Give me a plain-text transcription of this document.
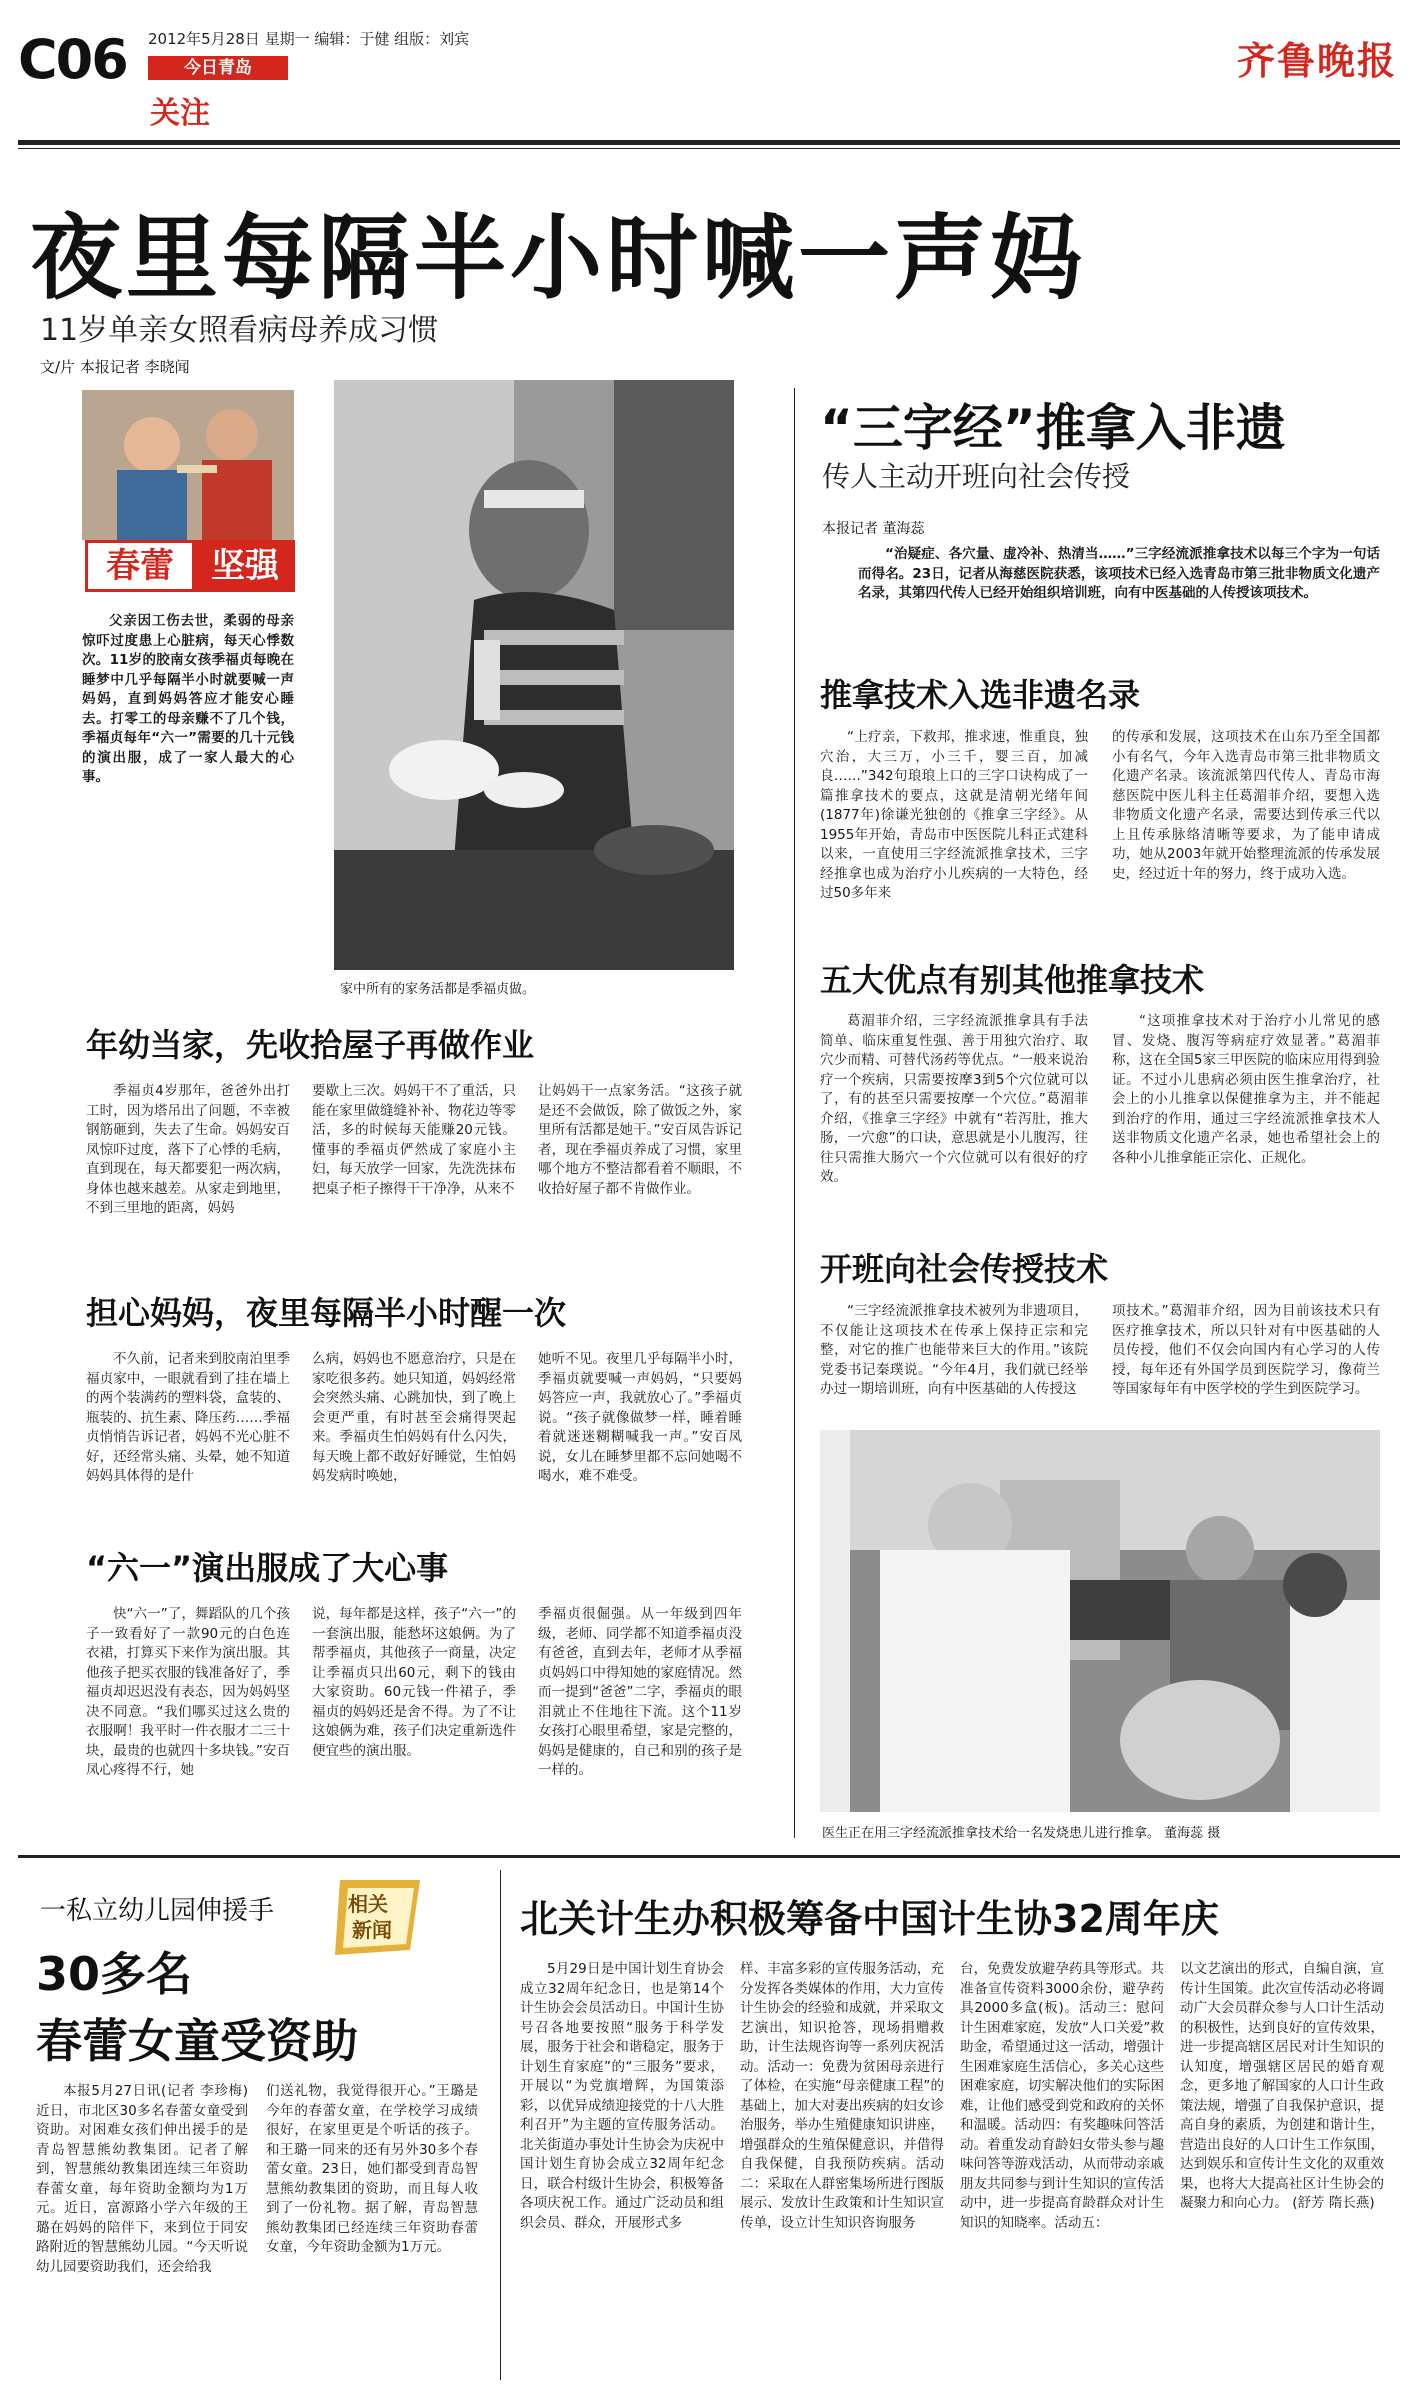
C06 2012年5月28日 星期一 编辑：于健 组版：刘宾
今日青岛
关注
齐鲁晚报
夜里每隔半小时喊一声妈
11岁单亲女照看病母养成习惯
文/片 本报记者 李晓闻
春蕾	坚强
父亲因工伤去世，柔弱的母亲惊吓过度患上心脏病，每天心悸数次。11岁的胶南女孩季福贞每晚在睡梦中几乎每隔半小时就要喊一声妈妈，直到妈妈答应才能安心睡去。打零工的母亲赚不了几个钱，季福贞每年“六一”需要的几十元钱的演出服，成了一家人最大的心事。
家中所有的家务活都是季福贞做。
年幼当家，先收拾屋子再做作业
季福贞4岁那年，爸爸外出打工时，因为塔吊出了问题，不幸被钢筋砸到，失去了生命。妈妈安百凤惊吓过度，落下了心悸的毛病，直到现在，每天都要犯一两次病，身体也越来越差。从家走到地里，不到三里地的距离，妈妈
要歇上三次。妈妈干不了重活，只能在家里做缝缝补补、物花边等零活，多的时候每天能赚20元钱。懂事的季福贞俨然成了家庭小主妇，每天放学一回家，先洗洗抹布把桌子柜子擦得干干净净，从来不
让妈妈干一点家务活。“这孩子就是还不会做饭，除了做饭之外，家里所有活都是她干。”安百凤告诉记者，现在季福贞养成了习惯，家里哪个地方不整洁都看着不顺眼，不收拾好屋子都不肯做作业。
担心妈妈，夜里每隔半小时醒一次
不久前，记者来到胶南泊里季福贞家中，一眼就看到了挂在墙上的两个装满药的塑料袋，盒装的、瓶装的、抗生素、降压药……季福贞悄悄告诉记者，妈妈不光心脏不好，还经常头痛、头晕，她不知道妈妈具体得的是什
么病，妈妈也不愿意治疗，只是在家吃很多药。她只知道，妈妈经常会突然头痛、心跳加快，到了晚上会更严重，有时甚至会痛得哭起来。季福贞生怕妈妈有什么闪失，每天晚上都不敢好好睡觉，生怕妈妈发病时唤她，
她听不见。夜里几乎每隔半小时，季福贞就要喊一声妈妈，“只要妈妈答应一声，我就放心了。”季福贞说。“孩子就像做梦一样，睡着睡着就迷迷糊糊喊我一声。”安百凤说，女儿在睡梦里都不忘问她喝不喝水，难不难受。
“六一”演出服成了大心事
快“六一”了，舞蹈队的几个孩子一致看好了一款90元的白色连衣裙，打算买下来作为演出服。其他孩子把买衣服的钱准备好了，季福贞却迟迟没有表态，因为妈妈坚决不同意。“我们哪买过这么贵的衣服啊！我平时一件衣服才二三十块，最贵的也就四十多块钱。”安百凤心疼得不行，她
说，每年都是这样，孩子“六一”的一套演出服，能愁坏这娘俩。为了帮季福贞，其他孩子一商量，决定让季福贞只出60元，剩下的钱由大家资助。60元钱一件裙子，季福贞的妈妈还是舍不得。为了不让这娘俩为难，孩子们决定重新选件便宜些的演出服。
季福贞很倔强。从一年级到四年级，老师、同学都不知道季福贞没有爸爸，直到去年，老师才从季福贞妈妈口中得知她的家庭情况。然而一提到“爸爸”二字，季福贞的眼泪就止不住地往下流。这个11岁女孩打心眼里希望，家是完整的，妈妈是健康的，自己和别的孩子是一样的。
“三字经”推拿入非遗
传人主动开班向社会传授
本报记者 董海蕊
“治疑症、各穴量、虚冷补、热清当……”三字经流派推拿技术以每三个字为一句话而得名。23日，记者从海慈医院获悉，该项技术已经入选青岛市第三批非物质文化遗产名录，其第四代传人已经开始组织培训班，向有中医基础的人传授该项技术。
推拿技术入选非遗名录
“上疗亲，下救邦，推求速，惟重良，独穴治，大三万，小三千，婴三百，加减良……”342句琅琅上口的三字口诀构成了一篇推拿技术的要点，这就是清朝光绪年间(1877年)徐谦光独创的《推拿三字经》。从1955年开始，青岛市中医医院儿科正式建科以来，一直使用三字经流派推拿技术，三字经推拿也成为治疗小儿疾病的一大特色，经过50多年来
的传承和发展，这项技术在山东乃至全国都小有名气，今年入选青岛市第三批非物质文化遗产名录。该流派第四代传人、青岛市海慈医院中医儿科主任葛湄菲介绍，要想入选非物质文化遗产名录，需要达到传承三代以上且传承脉络清晰等要求，为了能申请成功，她从2003年就开始整理流派的传承发展史，经过近十年的努力，终于成功入选。
五大优点有别其他推拿技术
葛湄菲介绍，三字经流派推拿具有手法简单、临床重复性强、善于用独穴治疗、取穴少而精、可替代汤药等优点。“一般来说治疗一个疾病，只需要按摩3到5个穴位就可以了，有的甚至只需要按摩一个穴位。”葛湄菲介绍，《推拿三字经》中就有“若泻肚，推大肠，一穴愈”的口诀，意思就是小儿腹泻，往往只需推大肠穴一个穴位就可以有很好的疗效。
“这项推拿技术对于治疗小儿常见的感冒、发烧、腹泻等病症疗效显著。”葛湄菲称，这在全国5家三甲医院的临床应用得到验证。不过小儿患病必须由医生推拿治疗，社会上的小儿推拿以保健推拿为主，并不能起到治疗的作用，通过三字经流派推拿技术人送非物质文化遗产名录，她也希望社会上的各种小儿推拿能正宗化、正规化。
开班向社会传授技术
“三字经流派推拿技术被列为非遗项目，不仅能让这项技术在传承上保持正宗和完整，对它的推广也能带来巨大的作用。”该院党委书记秦璞说。“今年4月，我们就已经举办过一期培训班，向有中医基础的人传授这
项技术。”葛湄菲介绍，因为目前该技术只有医疗推拿技术，所以只针对有中医基础的人员传授，他们不仅会向国内有心学习的人传授，每年还有外国学员到医院学习，像荷兰等国家每年有中医学校的学生到医院学习。
医生正在用三字经流派推拿技术给一名发烧患儿进行推拿。 董海蕊 摄
一私立幼儿园伸援手	相关
新闻
30多名
春蕾女童受资助
本报5月27日讯(记者 李珍梅) 近日，市北区30多名春蕾女童受到资助。对困难女孩们伸出援手的是青岛智慧熊幼教集团。记者了解到，智慧熊幼教集团连续三年资助春蕾女童，每年资助金额均为1万元。近日，富源路小学六年级的王璐在妈妈的陪伴下，来到位于同安路附近的智慧熊幼儿园。“今天听说幼儿园要资助我们，还会给我
们送礼物，我觉得很开心。”王璐是今年的春蕾女童，在学校学习成绩很好，在家里更是个听话的孩子。和王璐一同来的还有另外30多个春蕾女童。23日，她们都受到青岛智慧熊幼教集团的资助，而且每人收到了一份礼物。据了解，青岛智慧熊幼教集团已经连续三年资助春蕾女童，今年资助金额为1万元。
北关计生办积极筹备中国计生协32周年庆
5月29日是中国计划生育协会成立32周年纪念日，也是第14个计生协会会员活动日。中国计生协号召各地要按照“服务于科学发展，服务于社会和谐稳定，服务于计划生育家庭”的“三服务”要求，开展以“为党旗增辉，为国策添彩，以优异成绩迎接党的十八大胜利召开”为主题的宣传服务活动。北关街道办事处计生协会为庆祝中国计划生育协会成立32周年纪念日，联合村级计生协会，积极筹备各项庆祝工作。通过广泛动员和组织会员、群众，开展形式多
样、丰富多彩的宣传服务活动，充分发挥各类媒体的作用，大力宣传计生协会的经验和成就，并采取文艺演出，知识抢答，现场捐赠救助，计生法规咨询等一系列庆祝活动。活动一：免费为贫困母亲进行了体检，在实施“母亲健康工程”的基础上，加大对妻出疾病的妇女诊治服务，举办生殖健康知识讲座，增强群众的生殖保健意识，并借得自我保健，自我预防疾病。活动二：采取在人群密集场所进行图版展示、发放计生政策和计生知识宣传单，设立计生知识咨询服务
台，免费发放避孕药具等形式。共准备宣传资料3000余份，避孕药具2000多盒(板)。活动三：慰问计生困难家庭，发放“人口关爱”救助金，希望通过这一活动，增强计生困难家庭生活信心，多关心这些困难家庭，切实解决他们的实际困难，让他们感受到党和政府的关怀和温暖。活动四：有奖趣味问答活动。着重发动育龄妇女带头参与趣味问答等游戏活动，从而带动亲戚朋友共同参与到计生知识的宣传活动中，进一步提高育龄群众对计生知识的知晓率。活动五：
以文艺演出的形式，自编自演，宣传计生国策。此次宣传活动必将调动广大会员群众参与人口计生活动的积极性，达到良好的宣传效果，进一步提高辖区居民对计生知识的认知度，增强辖区居民的婚育观念，更多地了解国家的人口计生政策法规，增强了自我保护意识，提高自身的素质，为创建和谐计生，营造出良好的人口计生工作氛围，达到娱乐和宣传计生文化的双重效果，也将大大提高社区计生协会的凝聚力和向心力。 (舒芳 隋长燕)
